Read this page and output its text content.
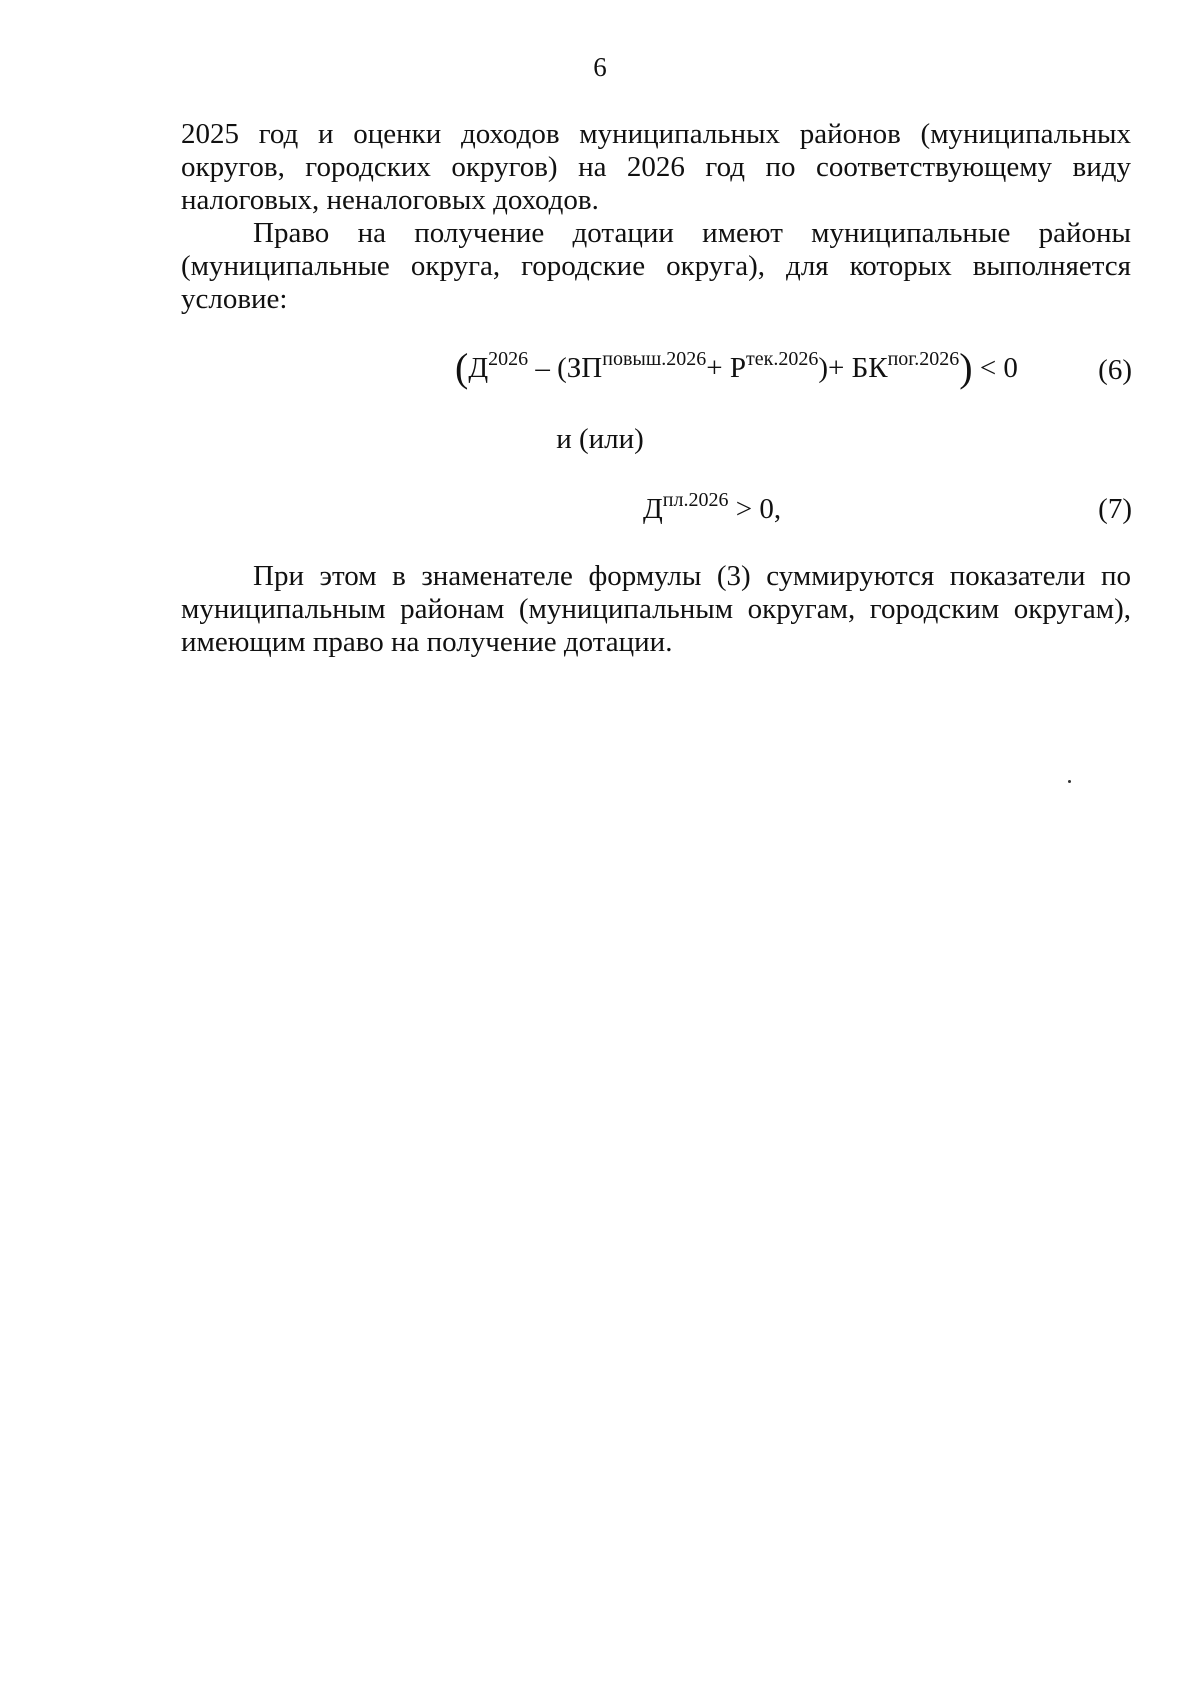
6

2025 год и оценки доходов муниципальных районов (муниципальных округов, городских округов) на 2026 год по соответствующему виду налоговых, неналоговых доходов.

Право на получение дотации имеют муниципальные районы (муниципальные округа, городские округа), для которых выполняется условие:

$(Д^{2026} - (ЗП^{повыш.2026}+ Р^{тек.2026})+ БК^{пог.2026}) < 0$	(6)
и (или)
$Д^{пл.2026} > 0$,	(7)

При этом в знаменателе формулы (3) суммируются показатели по муниципальным районам (муниципальным округам, городским округам), имеющим право на получение дотации.
